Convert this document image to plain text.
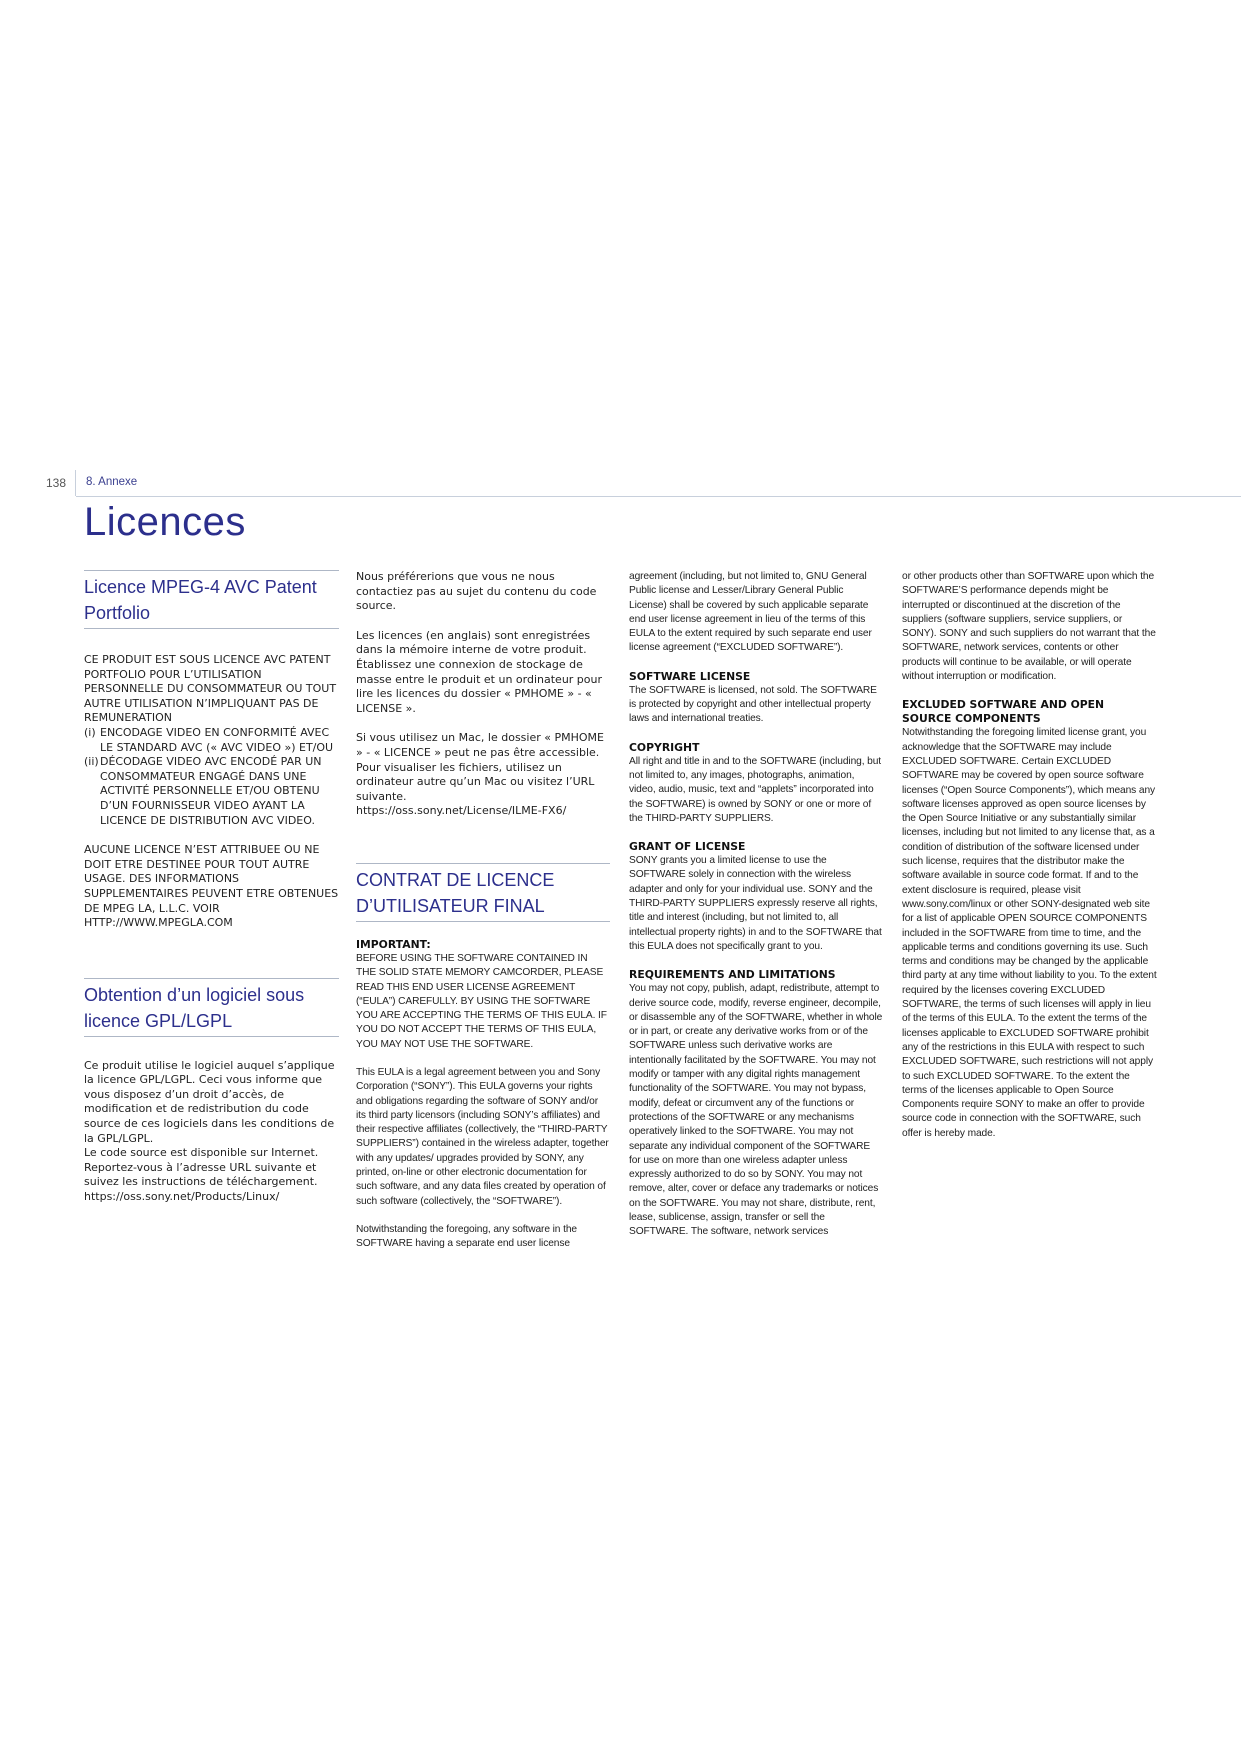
138 8. Annexe
Licences
Licence MPEG-4 AVC Patent Portfolio

CE PRODUIT EST SOUS LICENCE AVC PATENT PORTFOLIO POUR L’UTILISATION PERSONNELLE DU CONSOMMATEUR OU TOUT AUTRE UTILISATION N’IMPLIQUANT PAS DE REMUNERATION

(i) ENCODAGE VIDEO EN CONFORMITÉ AVEC LE STANDARD AVC (« AVC VIDEO ») ET/OU
(ii) DÉCODAGE VIDEO AVC ENCODÉ PAR UN CONSOMMATEUR ENGAGÉ DANS UNE ACTIVITÉ PERSONNELLE ET/OU OBTENU D’UN FOURNISSEUR VIDEO AYANT LA LICENCE DE DISTRIBUTION AVC VIDEO.

AUCUNE LICENCE N’EST ATTRIBUEE OU NE DOIT ETRE DESTINEE POUR TOUT AUTRE USAGE. DES INFORMATIONS SUPPLEMENTAIRES PEUVENT ETRE OBTENUES DE MPEG LA, L.L.C. VOIR HTTP://WWW.MPEGLA.COM

Obtention d’un logiciel sous licence GPL/LGPL

Ce produit utilise le logiciel auquel s’applique la licence GPL/LGPL. Ceci vous informe que vous disposez d’un droit d’accès, de modification et de redistribution du code source de ces logiciels dans les conditions de la GPL/LGPL.

Le code source est disponible sur Internet. Reportez-vous à l’adresse URL suivante et suivez les instructions de téléchargement.

https://oss.sony.net/Products/Linux/

Nous préférerions que vous ne nous contactiez pas au sujet du contenu du code source.

Les licences (en anglais) sont enregistrées dans la mémoire interne de votre produit. Établissez une connexion de stockage de masse entre le produit et un ordinateur pour lire les licences du dossier « PMHOME » - « LICENSE ».

Si vous utilisez un Mac, le dossier « PMHOME » - « LICENCE » peut ne pas être accessible. Pour visualiser les fichiers, utilisez un ordinateur autre qu’un Mac ou visitez l’URL suivante.

https://oss.sony.net/License/ILME-FX6/

CONTRAT DE LICENCE D’UTILISATEUR FINAL

IMPORTANT:

BEFORE USING THE SOFTWARE CONTAINED IN THE SOLID STATE MEMORY CAMCORDER, PLEASE READ THIS END USER LICENSE AGREEMENT (“EULA”) CAREFULLY. BY USING THE SOFTWARE YOU ARE ACCEPTING THE TERMS OF THIS EULA. IF YOU DO NOT ACCEPT THE TERMS OF THIS EULA, YOU MAY NOT USE THE SOFTWARE.

This EULA is a legal agreement between you and Sony Corporation (“SONY”). This EULA governs your rights and obligations regarding the software of SONY and/or its third party licensors (including SONY’s affiliates) and their respective affiliates (collectively, the “THIRD-PARTY SUPPLIERS”) contained in the wireless adapter, together with any updates/ upgrades provided by SONY, any printed, on-line or other electronic documentation for such software, and any data files created by operation of such software (collectively, the “SOFTWARE”).

Notwithstanding the foregoing, any software in the SOFTWARE having a separate end user license

agreement (including, but not limited to, GNU General Public license and Lesser/Library General Public License) shall be covered by such applicable separate end user license agreement in lieu of the terms of this EULA to the extent required by such separate end user license agreement (“EXCLUDED SOFTWARE”).

SOFTWARE LICENSE

The SOFTWARE is licensed, not sold. The SOFTWARE is protected by copyright and other intellectual property laws and international treaties.

COPYRIGHT

All right and title in and to the SOFTWARE (including, but not limited to, any images, photographs, animation, video, audio, music, text and “applets” incorporated into the SOFTWARE) is owned by SONY or one or more of the THIRD-PARTY SUPPLIERS.

GRANT OF LICENSE

SONY grants you a limited license to use the SOFTWARE solely in connection with the wireless adapter and only for your individual use. SONY and the THIRD-PARTY SUPPLIERS expressly reserve all rights, title and interest (including, but not limited to, all intellectual property rights) in and to the SOFTWARE that this EULA does not specifically grant to you.

REQUIREMENTS AND LIMITATIONS

You may not copy, publish, adapt, redistribute, attempt to derive source code, modify, reverse engineer, decompile, or disassemble any of the SOFTWARE, whether in whole or in part, or create any derivative works from or of the SOFTWARE unless such derivative works are intentionally facilitated by the SOFTWARE. You may not modify or tamper with any digital rights management functionality of the SOFTWARE. You may not bypass, modify, defeat or circumvent any of the functions or protections of the SOFTWARE or any mechanisms operatively linked to the SOFTWARE. You may not separate any individual component of the SOFTWARE for use on more than one wireless adapter unless expressly authorized to do so by SONY. You may not remove, alter, cover or deface any trademarks or notices on the SOFTWARE. You may not share, distribute, rent, lease, sublicense, assign, transfer or sell the SOFTWARE. The software, network services

or other products other than SOFTWARE upon which the SOFTWARE’S performance depends might be interrupted or discontinued at the discretion of the suppliers (software suppliers, service suppliers, or SONY). SONY and such suppliers do not warrant that the SOFTWARE, network services, contents or other products will continue to be available, or will operate without interruption or modification.

EXCLUDED SOFTWARE AND OPEN SOURCE COMPONENTS

Notwithstanding the foregoing limited license grant, you acknowledge that the SOFTWARE may include EXCLUDED SOFTWARE. Certain EXCLUDED SOFTWARE may be covered by open source software licenses (“Open Source Components”), which means any software licenses approved as open source licenses by the Open Source Initiative or any substantially similar licenses, including but not limited to any license that, as a condition of distribution of the software licensed under such license, requires that the distributor make the software available in source code format. If and to the extent disclosure is required, please visit www.sony.com/linux or other SONY-designated web site for a list of applicable OPEN SOURCE COMPONENTS included in the SOFTWARE from time to time, and the applicable terms and conditions governing its use. Such terms and conditions may be changed by the applicable third party at any time without liability to you. To the extent required by the licenses covering EXCLUDED SOFTWARE, the terms of such licenses will apply in lieu of the terms of this EULA. To the extent the terms of the licenses applicable to EXCLUDED SOFTWARE prohibit any of the restrictions in this EULA with respect to such EXCLUDED SOFTWARE, such restrictions will not apply to such EXCLUDED SOFTWARE. To the extent the terms of the licenses applicable to Open Source Components require SONY to make an offer to provide source code in connection with the SOFTWARE, such offer is hereby made.
